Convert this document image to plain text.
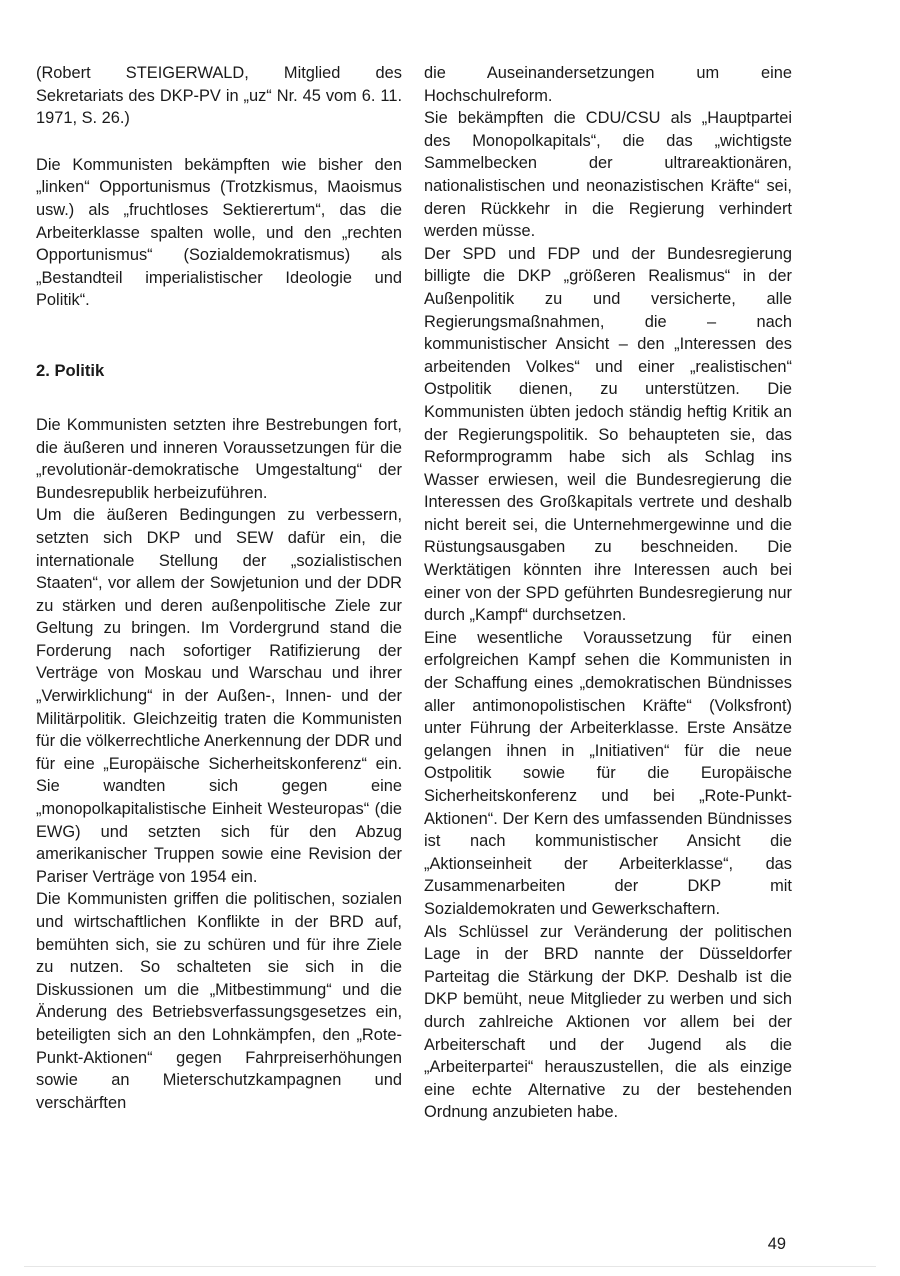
(Robert STEIGERWALD, Mitglied des Sekretariats des DKP-PV in „uz“ Nr. 45 vom 6. 11. 1971, S. 26.)

Die Kommunisten bekämpften wie bisher den „linken“ Opportunismus (Trotzkismus, Maoismus usw.) als „fruchtloses Sektierertum“, das die Arbeiterklasse spalten wolle, und den „rechten Opportunismus“ (Sozialdemokratismus) als „Bestandteil imperialistischer Ideologie und Politik“.

2. Politik

Die Kommunisten setzten ihre Bestrebungen fort, die äußeren und inneren Voraussetzungen für die „revolutionär-demokratische Umgestaltung“ der Bundesrepublik herbeizuführen.

Um die äußeren Bedingungen zu verbessern, setzten sich DKP und SEW dafür ein, die internationale Stellung der „sozialistischen Staaten“, vor allem der Sowjetunion und der DDR zu stärken und deren außenpolitische Ziele zur Geltung zu bringen. Im Vordergrund stand die Forderung nach sofortiger Ratifizierung der Verträge von Moskau und Warschau und ihrer „Verwirklichung“ in der Außen-, Innen- und der Militärpolitik. Gleichzeitig traten die Kommunisten für die völkerrechtliche Anerkennung der DDR und für eine „Europäische Sicherheitskonferenz“ ein. Sie wandten sich gegen eine „monopolkapitalistische Einheit Westeuropas“ (die EWG) und setzten sich für den Abzug amerikanischer Truppen sowie eine Revision der Pariser Verträge von 1954 ein.

Die Kommunisten griffen die politischen, sozialen und wirtschaftlichen Konflikte in der BRD auf, bemühten sich, sie zu schüren und für ihre Ziele zu nutzen. So schalteten sie sich in die Diskussionen um die „Mitbestimmung“ und die Änderung des Betriebsverfassungsgesetzes ein, beteiligten sich an den Lohnkämpfen, den „Rote-Punkt-Aktionen“ gegen Fahrpreiserhöhungen sowie an Mieterschutzkampagnen und verschärften

die Auseinandersetzungen um eine Hochschulreform.

Sie bekämpften die CDU/CSU als „Hauptpartei des Monopolkapitals“, die das „wichtigste Sammelbecken der ultrareaktionären, nationalistischen und neonazistischen Kräfte“ sei, deren Rückkehr in die Regierung verhindert werden müsse.

Der SPD und FDP und der Bundesregierung billigte die DKP „größeren Realismus“ in der Außenpolitik zu und versicherte, alle Regierungsmaßnahmen, die – nach kommunistischer Ansicht – den „Interessen des arbeitenden Volkes“ und einer „realistischen“ Ostpolitik dienen, zu unterstützen. Die Kommunisten übten jedoch ständig heftig Kritik an der Regierungspolitik. So behaupteten sie, das Reformprogramm habe sich als Schlag ins Wasser erwiesen, weil die Bundesregierung die Interessen des Großkapitals vertrete und deshalb nicht bereit sei, die Unternehmergewinne und die Rüstungsausgaben zu beschneiden. Die Werktätigen könnten ihre Interessen auch bei einer von der SPD geführten Bundesregierung nur durch „Kampf“ durchsetzen.

Eine wesentliche Voraussetzung für einen erfolgreichen Kampf sehen die Kommunisten in der Schaffung eines „demokratischen Bündnisses aller antimonopolistischen Kräfte“ (Volksfront) unter Führung der Arbeiterklasse. Erste Ansätze gelangen ihnen in „Initiativen“ für die neue Ostpolitik sowie für die Europäische Sicherheitskonferenz und bei „Rote-Punkt-Aktionen“. Der Kern des umfassenden Bündnisses ist nach kommunistischer Ansicht die „Aktionseinheit der Arbeiterklasse“, das Zusammenarbeiten der DKP mit Sozialdemokraten und Gewerkschaftern.

Als Schlüssel zur Veränderung der politischen Lage in der BRD nannte der Düsseldorfer Parteitag die Stärkung der DKP. Deshalb ist die DKP bemüht, neue Mitglieder zu werben und sich durch zahlreiche Aktionen vor allem bei der Arbeiterschaft und der Jugend als die „Arbeiterpartei“ herauszustellen, die als einzige eine echte Alternative zu der bestehenden Ordnung anzubieten habe.

49
